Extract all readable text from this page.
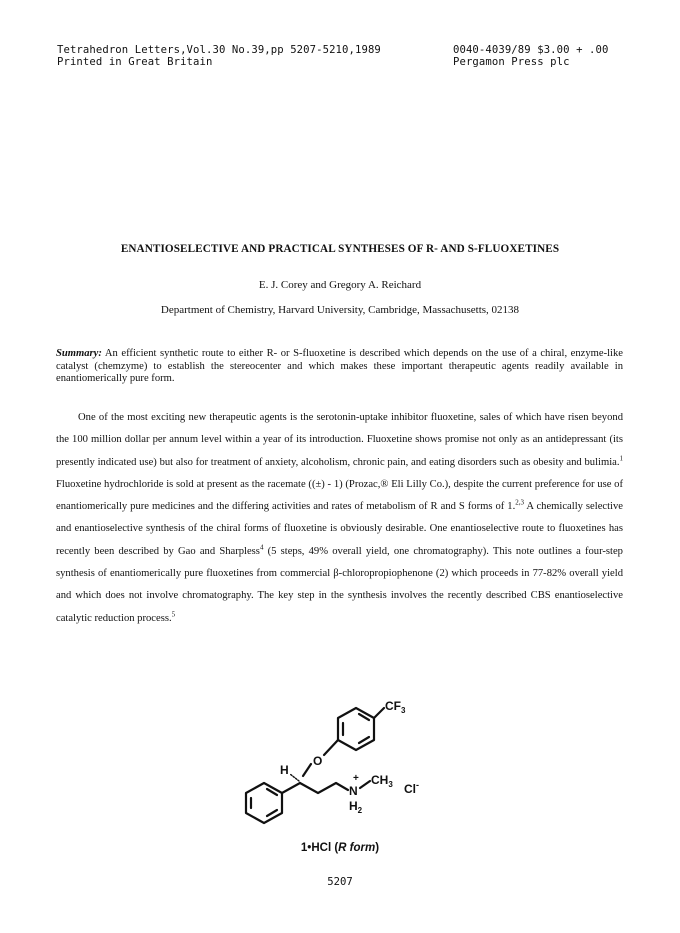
Tetrahedron Letters,Vol.30 No.39,pp 5207-5210,1989
Printed in Great Britain
0040-4039/89 $3.00 + .00
Pergamon Press plc
ENANTIOSELECTIVE AND PRACTICAL SYNTHESES OF R- AND S-FLUOXETINES
E. J. Corey and Gregory A. Reichard
Department of Chemistry, Harvard University, Cambridge, Massachusetts, 02138
Summary: An efficient synthetic route to either R- or S-fluoxetine is described which depends on the use of a chiral, enzyme-like catalyst (chemzyme) to establish the stereocenter and which makes these important therapeutic agents readily available in enantiomerically pure form.

One of the most exciting new therapeutic agents is the serotonin-uptake inhibitor fluoxetine, sales of which have risen beyond the 100 million dollar per annum level within a year of its introduction. Fluoxetine shows promise not only as an antidepressant (its presently indicated use) but also for treatment of anxiety, alcoholism, chronic pain, and eating disorders such as obesity and bulimia.$^1$ Fluoxetine hydrochloride is sold at present as the racemate ((±) - 1) (Prozac,® Eli Lilly Co.), despite the current preference for use of enantiomerically pure medicines and the differing activities and rates of metabolism of R and S forms of 1.$^{2,3}$ A chemically selective and enantioselective synthesis of the chiral forms of fluoxetine is obviously desirable. One enantioselective route to fluoxetines has recently been described by Gao and Sharpless$^4$ (5 steps, 49% overall yield, one chromatography). This note outlines a four-step synthesis of enantiomerically pure fluoxetines from commercial β-chloropropiophenone (2) which proceeds in 77-82% overall yield and which does not involve chromatography. The key step in the synthesis involves the recently described CBS enantioselective catalytic reduction process.$^5$

$CF_3$
O
H
+
N
$CH_3$
$H_2$
Cl-
1•HCl (R form)
5207
